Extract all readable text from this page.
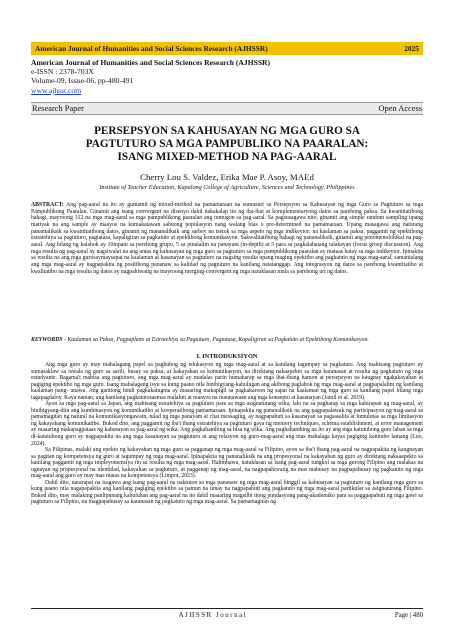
American Journal of Humanities and Social Sciences Research (AJHSSR)	2025
American Journal of Humanities and Social Sciences Research (AJHSSR)
e-ISSN : 2378-703X
Volume-09, Issue-06, pp-480-491
www.ajhssr.com
Research Paper	Open Access
PERSEPSYON SA KAHUSAYAN NG MGA GURO SA
PAGTUTURO SA MGA PAMPUBLIKO NA PAARALAN:
ISANG MIXED-METHOD NA PAG-AARAL
Cherry Lou S. Valdez, Erika Mae P. Asoy, MAEd
Institute of Teacher Education, Kapalong College of Agriculture, Sciences and Technology, Philippines
ABSTRACT: Ang pag-aaral na ito ay gumamit ng mixed-method na pamamaraan na sumusuri sa Persepsyon sa Kahusayan ng mga Guro sa Pagtuturo sa mga Pampublikong Paaralan. Ginamit ang isang convergent na disenyo dahil nakakalap ito ng iba-ibat at komplementaryong datos sa parehong paksa. Sa kwantitatibong bahagi, mayroong 312 na mga mag-aaral sa mga pampublikong paaralan ang tumugon sa pag-aaral. Sa pagsusagawa nito, ginamit ang simple random sampling upang matiyak na ang sample ay maayos na kumakatawan sabuong populasyon nang walang bias o pre-determined na pamamaraan. Upang masagawa ang naturang panantaliksik sa kwantitatibong datos, ginamit ng mananaliksik ang sarbey na tsetok sa mga aspeto ng mga indikeytor: na kaalaman sa paksa, paggamit ng epektibong estratehiya sa pagtuturo, pagtatasa, kapaligiran sa pagkatuto at epektibong komunikasyon. Sakwalitatibong bahagi ng pananaliksik, ginamit ang penomenolohikal na pag-aaral. Ang bilang ng kalahok ay 10mpatu sa parehong grupo, 5 sa pinalalim na panayam (in-depth) at 5 para sa pagkalahatang talakayan (focus group discussion). Ang mga resulta ng pag-aaral ay nagsiwalat na ang antas ng kahusayan ng mga guro sa pagtuturo sa mga pampublikong paaralan ay mataas batay sa mga indikeytor. Ipinakita sa resulta na ang mga gurosaymaysapat na kaalaman at kasanayan sa pagtuturo na nagsing resulta upang maging epektibo ang pagkatuto ng mga mag-aaral, samantalang ang mga mag-aaral ay nagpapakita ng positibong pananaw sa kalidad ng pagtuturo na kanilang natatanggap. Ang integrasyon ng datos sa parehong kwantitatibo at kwalitatibo na mga resulta ng datos ay nagpahiwatig na mayroong merging-convergent ng mga natuklasan mula sa parehong uri ng datos.
KEYWORDS - Kaalaman sa Paksa, Pagpaplano at Estratehiya sa Pagtuturo, Pagtatasa, Kapaligiran sa Pagkatuto at Epektibong Komunikasyon.
I. INTRODUKSIYON

Ang mga guro ay may mahalagang papel sa paghubog ng edukasyon ng mga mag-aaral at sa kanilang tagumpay sa pagkatuto. Ang mabisang pagtuturo ay sumasaklaw sa iswala ng guro sa sarili, husay sa paksa, at kakayahan sa komunikasyon, na direktang nakaapekto sa mga karanasan at resulta ng pagkatuto ng mga estudyante. Bagama't mabisa ang pagtuturo, ang mga mag-aaral ay madalas parin humaharap sa mga ibat-ibang hamon at persepsyon na kaugnay ngakakayahan at pagiging epektibo ng mga guro. Isang mahalagang isyu sa kung paano nila binibigyang-kahulugan ang akibong paglahok ng mga mag-aaral at pagpapalalim ng kanilang kaalaman pang- unawa. Ang ganitong hindi pagkakatugma ay maaaring makapigil sa pagkakaroon ng sapat na kaalaman ng mga guro sa kanilang papel bilang mga tagapagdaloy. Kaya naman, ang kanilang pagkatutosasmas malalim at maayos na maunawaan ang mga konsepto at kasanayan (Jamil et al. 2019).

Ayon sa mga pag-aaral sa Japan, ang mabisang estratehiya sa pagtuturo para sa mga asignaturang wika, lalo na sa pagharap sa mga kahirapan ng mag-aaral, ay binibigyang-diin ang kumbinasyon ng komunikatibo at kooperatibong pamamaraan. Ipinapakita ng pananaliksik na ang pagpapalawak ng partisipasyon ng mag-aaral sa pamamagitan ng natural na komunikasyongawain, tulad ng mga panayam at chat messaging, ay nagpapabuti sa kasanayan sa pagsasalita at lumulutas sa mga limitasyon ng kakayahang komunikatibo. Bukod dito, ang paggamit ng iba't ibang estratehiya sa pagtuturo gaya ng memory techniques, schema establishment, at error management ay maaaring makapagpataas ng kahusayan sa pag-aaral ng wika. Ang pagkahambing sa bisa ng wika. Ang paghahambing na ito ay ang mga katutubong guro laban sa mga di-katutubong guro ay nagpapakita na ang mga kasanayan sa pagtuturo at ang relasyon ng guro-mag-aaral ang mas mahalaga kaysa pagiging katutubo lamang (Luo, 2024).

Sa Pilipinas, malaki ang epekto ng kakayahan ng mga guro sa pagganap ng mga mag-aaral sa Filipino, ayon sa iba't ibang pag-aaral na nagpapakita ng kaugnayan sa pagitan ng kompetensya ng guro at tagumpay ng mga mag-aaral. Ipinapakita ng pananaliksik na ang propesyonal na kakayahan ng guro ay direktang nakaaapekto sa kanilang paggamit ng mga impleyomensiya rin sa resulta ng mga mag-aaral. Halimbawa, natuklasan sa isang pag-aaral tungkol sa mga gurong Filipino ang malakas na ugnayan ng propesyonal na identidad, kakayahan sa pagtuturo, at pagganap ng mag-aaral, na nagpapahiwatig na mas mahusay na pagpapahusay ng pagkatuto ng mga mag-aaral ang guro ay may mas matas na kompetensya (Limpot, 2023).

Dahil dito, nararapat na isagawa ang isang pag-aaral na naktuton sa mga pananaw ng mga mag-aaral hinggil sa kahusayan sa pagtuturo ng kanilang mga guro sa kung paano nila nagapapakita ang kanilang pagiging epektibo sa pamun na tunay na nagpapabuti ang pagkatuto ng mga mag-aaral partikular sa asignaturang Filipino. Bukod dito, may malaking panlipunang kabuluhan ang pag-aaral na ito dahil maaaring magsilbi itong pundasyong pang-akademiko para sa paggpapabuti ng mga gawi sa pagtuturo sa Filipino, na magpapahusay sa karanasan ng pagkatuto ng mga mag-aaral. Sa pamamagitan ng

AJHSSR Journal	Page | 480
